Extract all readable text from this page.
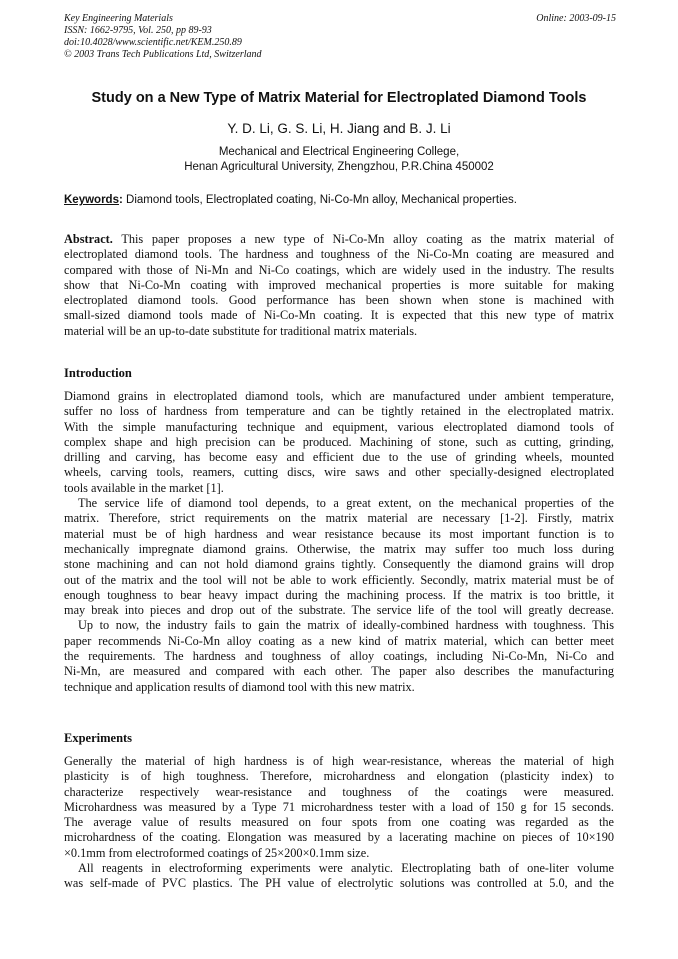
Key Engineering Materials
ISSN: 1662-9795, Vol. 250, pp 89-93
doi:10.4028/www.scientific.net/KEM.250.89
© 2003 Trans Tech Publications Ltd, Switzerland
Online: 2003-09-15
Study on a New Type of Matrix Material for Electroplated Diamond Tools
Y. D. Li, G. S. Li, H. Jiang and B. J. Li
Mechanical and Electrical Engineering College,
Henan Agricultural University, Zhengzhou, P.R.China 450002
Keywords: Diamond tools, Electroplated coating, Ni-Co-Mn alloy, Mechanical properties.
Abstract. This paper proposes a new type of Ni-Co-Mn alloy coating as the matrix material of
electroplated diamond tools. The hardness and toughness of the Ni-Co-Mn coating are measured and
compared with those of Ni-Mn and Ni-Co coatings, which are widely used in the industry. The results
show that Ni-Co-Mn coating with improved mechanical properties is more suitable for making
electroplated diamond tools. Good performance has been shown when stone is machined with
small-sized diamond tools made of Ni-Co-Mn coating. It is expected that this new type of matrix
material will be an up-to-date substitute for traditional matrix materials.
Introduction
Diamond grains in electroplated diamond tools, which are manufactured under ambient temperature,
suffer no loss of hardness from temperature and can be tightly retained in the electroplated matrix.
With the simple manufacturing technique and equipment, various electroplated diamond tools of
complex shape and high precision can be produced. Machining of stone, such as cutting, grinding,
drilling and carving, has become easy and efficient due to the use of grinding wheels, mounted
wheels, carving tools, reamers, cutting discs, wire saws and other specially-designed electroplated
tools available in the market [1].
The service life of diamond tool depends, to a great extent, on the mechanical properties of the
matrix. Therefore, strict requirements on the matrix material are necessary [1-2]. Firstly, matrix
material must be of high hardness and wear resistance because its most important function is to
mechanically impregnate diamond grains. Otherwise, the matrix may suffer too much loss during
stone machining and can not hold diamond grains tightly. Consequently the diamond grains will drop
out of the matrix and the tool will not be able to work efficiently. Secondly, matrix material must be of
enough toughness to bear heavy impact during the machining process. If the matrix is too brittle, it
may break into pieces and drop out of the substrate. The service life of the tool will greatly decrease.
Up to now, the industry fails to gain the matrix of ideally-combined hardness with toughness. This
paper recommends Ni-Co-Mn alloy coating as a new kind of matrix material, which can better meet
the requirements. The hardness and toughness of alloy coatings, including Ni-Co-Mn, Ni-Co and
Ni-Mn, are measured and compared with each other. The paper also describes the manufacturing
technique and application results of diamond tool with this new matrix.
Experiments
Generally the material of high hardness is of high wear-resistance, whereas the material of high
plasticity is of high toughness. Therefore, microhardness and elongation (plasticity index) to
characterize respectively wear-resistance and toughness of the coatings were measured.
Microhardness was measured by a Type 71 microhardness tester with a load of 150 g for 15 seconds.
The average value of results measured on four spots from one coating was regarded as the
microhardness of the coating. Elongation was measured by a lacerating machine on pieces of 10×190
×0.1mm from electroformed coatings of 25×200×0.1mm size.
All reagents in electroforming experiments were analytic. Electroplating bath of one-liter volume
was self-made of PVC plastics. The PH value of electrolytic solutions was controlled at 5.0, and the
